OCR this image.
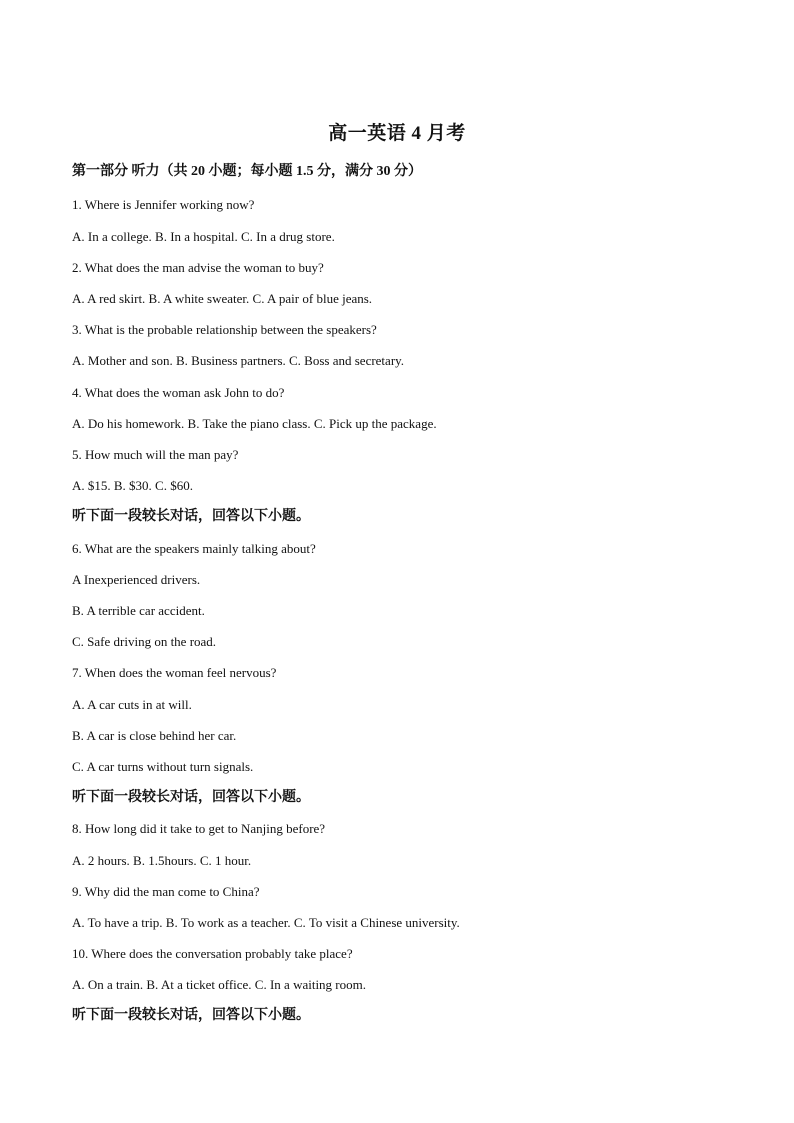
高一英语 4 月考
第一部分 听力（共 20 小题；每小题 1.5 分，满分 30 分）
1. Where is Jennifer working now?
A. In a college. B. In a hospital. C. In a drug store.
2. What does the man advise the woman to buy?
A. A red skirt. B. A white sweater. C. A pair of blue jeans.
3. What is the probable relationship between the speakers?
A. Mother and son. B. Business partners. C. Boss and secretary.
4. What does the woman ask John to do?
A. Do his homework. B. Take the piano class. C. Pick up the package.
5. How much will the man pay?
A. $15. B. $30. C. $60.
听下面一段较长对话，回答以下小题。
6. What are the speakers mainly talking about?
A Inexperienced drivers.
B. A terrible car accident.
C. Safe driving on the road.
7. When does the woman feel nervous?
A. A car cuts in at will.
B. A car is close behind her car.
C. A car turns without turn signals.
听下面一段较长对话，回答以下小题。
8. How long did it take to get to Nanjing before?
A. 2 hours. B. 1.5hours. C. 1 hour.
9. Why did the man come to China?
A. To have a trip. B. To work as a teacher. C. To visit a Chinese university.
10. Where does the conversation probably take place?
A. On a train. B. At a ticket office. C. In a waiting room.
听下面一段较长对话，回答以下小题。
